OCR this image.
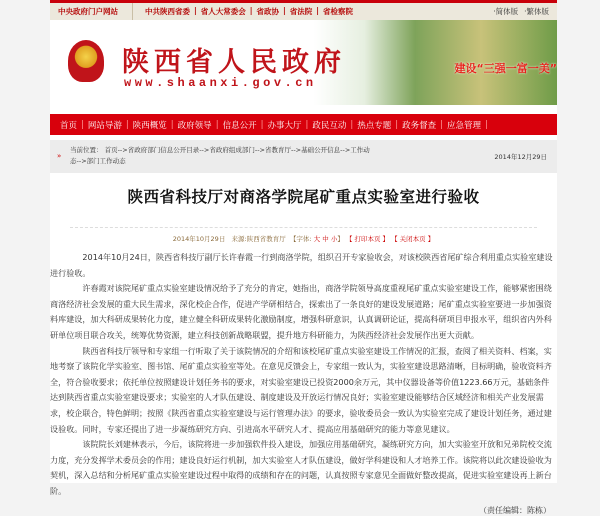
中央政府门户网站	中共陕西省委 | 省人大常委会 | 省政协 | 省法院 | 省检察院	·简体版 ·繁体版
陕西省人民政府
www.shaanxi.gov.cn
建设“三强一富一美”
首页 | 网站导游 | 陕西概览 | 政府领导 | 信息公开 | 办事大厅 | 政民互动 | 热点专题 | 政务督查 | 应急管理 |
»
当前位置： 首页-->省政府部门信息公开目录-->省政府组成部门-->省教育厅-->基础公开信息-->工作动态-->部门工作动态	2014年12月29日
陕西省科技厅对商洛学院尾矿重点实验室进行验收
2014年10月29日 来源:陕西省教育厅 【字体: 大 中 小】 【 打印本页 】 【 关闭本页 】

2014年10月24日，陕西省科技厅副厅长许春霞一行到商洛学院，组织召开专家验收会，对该校陕西省尾矿综合利用重点实验室建设进行验收。

许春霞对该院尾矿重点实验室建设情况给予了充分的肯定，她指出，商洛学院领导高度重视尾矿重点实验室建设工作，能够紧密围绕商洛经济社会发展的重大民生需求，深化校企合作，促进产学研相结合，探索出了一条良好的建设发展道路；尾矿重点实验室要进一步加强资料库建设，加大科研成果转化力度，建立健全科研成果转化激励制度，增强科研意识，认真调研论证，提高科研项目申报水平，组织省内外科研单位项目联合攻关，统筹优势资源，建立科技创新战略联盟，提升地方科研能力，为陕西经济社会发展作出更大贡献。

陕西省科技厅领导和专家组一行听取了关于该院情况的介绍和该校尾矿重点实验室建设工作情况的汇报，查阅了相关资料、档案，实地考察了该院化学实验室、图书馆、尾矿重点实验室等处。在意见反馈会上，专家组一致认为，实验室建设思路清晰，目标明确，验收资料齐全，符合验收要求；依托单位按照建设计划任务书的要求，对实验室建设已投资2000余万元，其中仪器设备等价值1223.66万元，基础条件达到陕西省重点实验室建设要求；实验室的人才队伍建设、制度建设及开放运行情况良好；实验室建设能够结合区域经济和相关产业发展需求，校企联合，特色鲜明；按照《陕西省重点实验室建设与运行管理办法》的要求，验收委员会一致认为实验室完成了建设计划任务，通过建设验收。同时，专家还提出了进一步凝练研究方向、引进高水平研究人才、提高应用基础研究的能力等意见建议。

该院院长刘建林表示，今后，该院将进一步加强软件投入建设，加强应用基础研究，凝练研究方向，加大实验室开放和兄弟院校交流力度，充分发挥学术委员会的作用；建设良好运行机制，加大实验室人才队伍建设，做好学科建设和人才培养工作。该院将以此次建设验收为契机，深入总结和分析尾矿重点实验室建设过程中取得的成绩和存在的问题，认真按照专家意见全面做好整改提高，促进实验室建设再上新台阶。

（责任编辑：陈栋）
